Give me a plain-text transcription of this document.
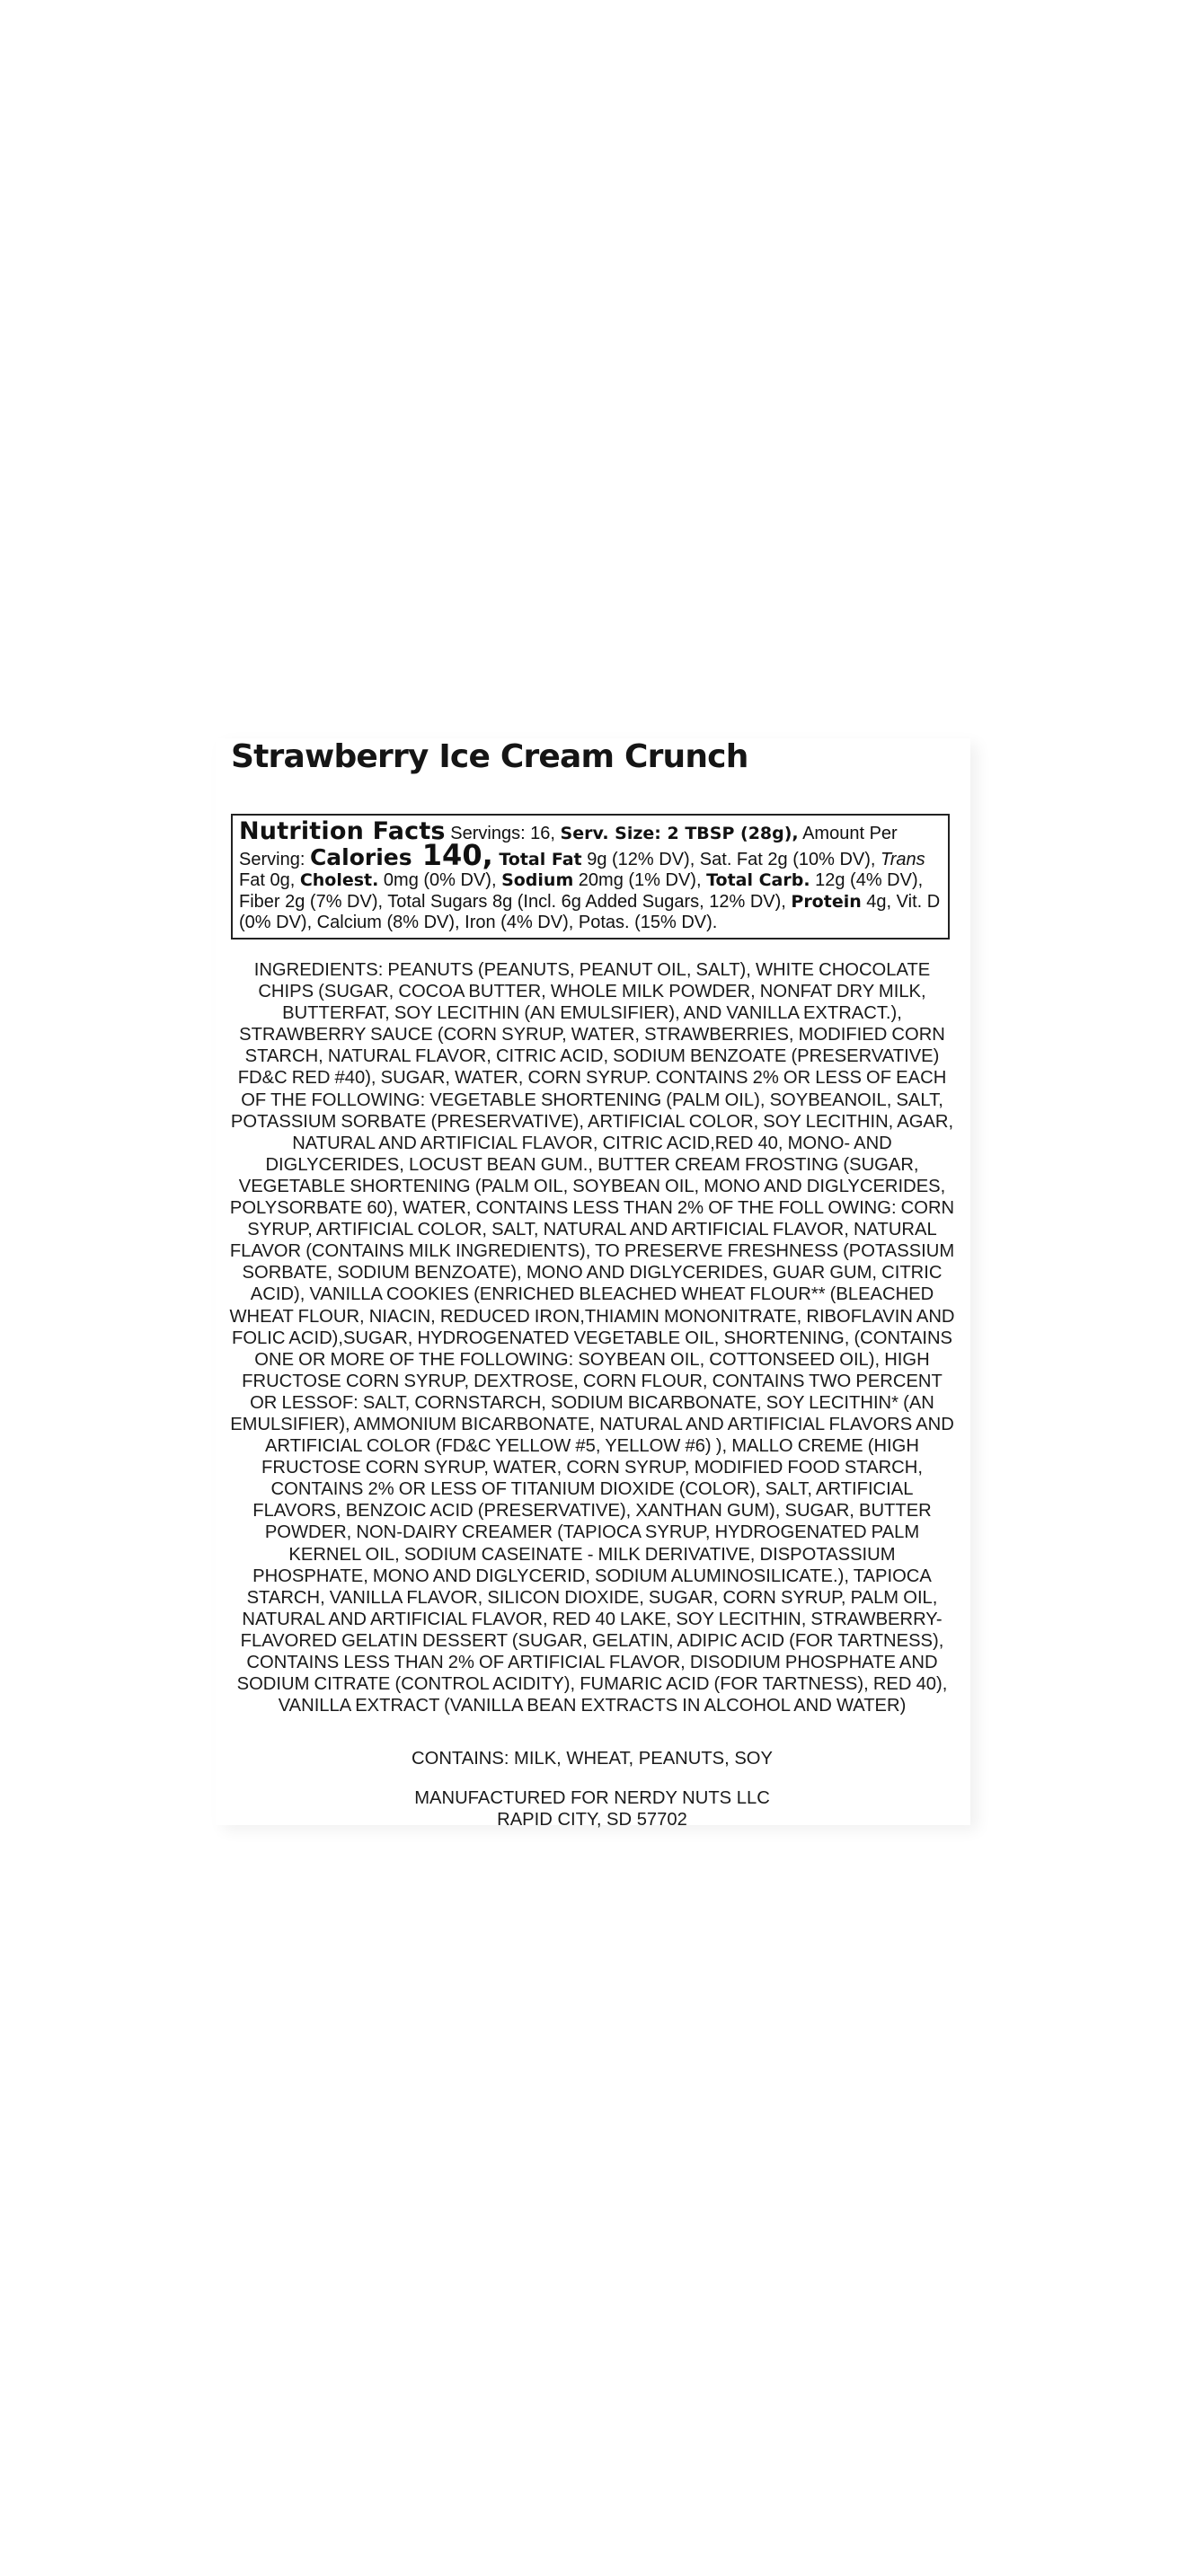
Strawberry Ice Cream Crunch
Nutrition Facts Servings: 16, Serv. Size: 2 TBSP (28g), Amount Per Serving: Calories 140, Total Fat 9g (12% DV), Sat. Fat 2g (10% DV), Trans Fat 0g, Cholest. 0mg (0% DV), Sodium 20mg (1% DV), Total Carb. 12g (4% DV), Fiber 2g (7% DV), Total Sugars 8g (Incl. 6g Added Sugars, 12% DV), Protein 4g, Vit. D (0% DV), Calcium (8% DV), Iron (4% DV), Potas. (15% DV).

INGREDIENTS: PEANUTS (PEANUTS, PEANUT OIL, SALT), WHITE CHOCOLATE CHIPS (SUGAR, COCOA BUTTER, WHOLE MILK POWDER, NONFAT DRY MILK, BUTTERFAT, SOY LECITHIN (AN EMULSIFIER), AND VANILLA EXTRACT.), STRAWBERRY SAUCE (CORN SYRUP, WATER, STRAWBERRIES, MODIFIED CORN STARCH, NATURAL FLAVOR, CITRIC ACID, SODIUM BENZOATE (PRESERVATIVE) FD&C RED #40), SUGAR, WATER, CORN SYRUP. CONTAINS 2% OR LESS OF EACH OF THE FOLLOWING: VEGETABLE SHORTENING (PALM OIL), SOYBEANOIL, SALT, POTASSIUM SORBATE (PRESERVATIVE), ARTIFICIAL COLOR, SOY LECITHIN, AGAR, NATURAL AND ARTIFICIAL FLAVOR, CITRIC ACID,RED 40, MONO- AND DIGLYCERIDES, LOCUST BEAN GUM., BUTTER CREAM FROSTING (SUGAR, VEGETABLE SHORTENING (PALM OIL, SOYBEAN OIL, MONO AND DIGLYCERIDES, POLYSORBATE 60), WATER, CONTAINS LESS THAN 2% OF THE FOLL OWING: CORN SYRUP, ARTIFICIAL COLOR, SALT, NATURAL AND ARTIFICIAL FLAVOR, NATURAL FLAVOR (CONTAINS MILK INGREDIENTS), TO PRESERVE FRESHNESS (POTASSIUM SORBATE, SODIUM BENZOATE), MONO AND DIGLYCERIDES, GUAR GUM, CITRIC ACID), VANILLA COOKIES (ENRICHED BLEACHED WHEAT FLOUR** (BLEACHED WHEAT FLOUR, NIACIN, REDUCED IRON,THIAMIN MONONITRATE, RIBOFLAVIN AND FOLIC ACID),SUGAR, HYDROGENATED VEGETABLE OIL, SHORTENING, (CONTAINS ONE OR MORE OF THE FOLLOWING: SOYBEAN OIL, COTTONSEED OIL), HIGH FRUCTOSE CORN SYRUP, DEXTROSE, CORN FLOUR, CONTAINS TWO PERCENT OR LESSOF: SALT, CORNSTARCH, SODIUM BICARBONATE, SOY LECITHIN* (AN EMULSIFIER), AMMONIUM BICARBONATE, NATURAL AND ARTIFICIAL FLAVORS AND ARTIFICIAL COLOR (FD&C YELLOW #5, YELLOW #6) ), MALLO CREME (HIGH FRUCTOSE CORN SYRUP, WATER, CORN SYRUP, MODIFIED FOOD STARCH, CONTAINS 2% OR LESS OF TITANIUM DIOXIDE (COLOR), SALT, ARTIFICIAL FLAVORS, BENZOIC ACID (PRESERVATIVE), XANTHAN GUM), SUGAR, BUTTER POWDER, NON-DAIRY CREAMER (TAPIOCA SYRUP, HYDROGENATED PALM KERNEL OIL, SODIUM CASEINATE - MILK DERIVATIVE, DISPOTASSIUM PHOSPHATE, MONO AND DIGLYCERID, SODIUM ALUMINOSILICATE.), TAPIOCA STARCH, VANILLA FLAVOR, SILICON DIOXIDE, SUGAR, CORN SYRUP, PALM OIL, NATURAL AND ARTIFICIAL FLAVOR, RED 40 LAKE, SOY LECITHIN, STRAWBERRY-FLAVORED GELATIN DESSERT (SUGAR, GELATIN, ADIPIC ACID (FOR TARTNESS), CONTAINS LESS THAN 2% OF ARTIFICIAL FLAVOR, DISODIUM PHOSPHATE AND SODIUM CITRATE (CONTROL ACIDITY), FUMARIC ACID (FOR TARTNESS), RED 40), VANILLA EXTRACT (VANILLA BEAN EXTRACTS IN ALCOHOL AND WATER)

CONTAINS: MILK, WHEAT, PEANUTS, SOY

MANUFACTURED FOR NERDY NUTS LLC
RAPID CITY, SD 57702
